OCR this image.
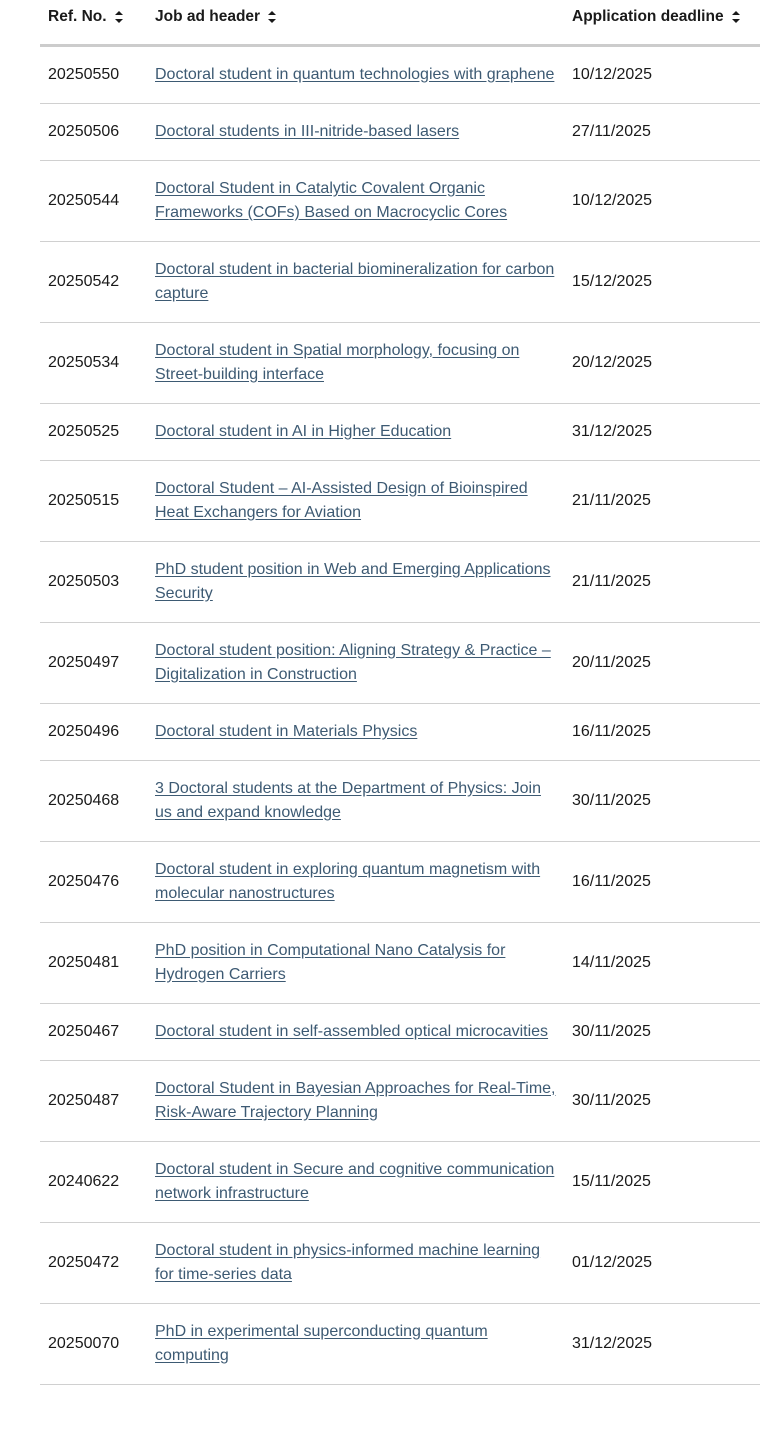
Ref. No.	Job ad header	Application deadline
20250550	Doctoral student in quantum technologies with graphene	10/12/2025
20250506	Doctoral students in III-nitride-based lasers	27/11/2025
20250544	Doctoral Student in Catalytic Covalent Organic Frameworks (COFs) Based on Macrocyclic Cores	10/12/2025
20250542	Doctoral student in bacterial biomineralization for carbon capture	15/12/2025
20250534	Doctoral student in Spatial morphology, focusing on Street-building interface	20/12/2025
20250525	Doctoral student in AI in Higher Education	31/12/2025
20250515	Doctoral Student – AI-Assisted Design of Bioinspired Heat Exchangers for Aviation	21/11/2025
20250503	PhD student position in Web and Emerging Applications Security	21/11/2025
20250497	Doctoral student position: Aligning Strategy & Practice – Digitalization in Construction	20/11/2025
20250496	Doctoral student in Materials Physics	16/11/2025
20250468	3 Doctoral students at the Department of Physics: Join us and expand knowledge	30/11/2025
20250476	Doctoral student in exploring quantum magnetism with molecular nanostructures	16/11/2025
20250481	PhD position in Computational Nano Catalysis for Hydrogen Carriers	14/11/2025
20250467	Doctoral student in self-assembled optical microcavities	30/11/2025
20250487	Doctoral Student in Bayesian Approaches for Real-Time, Risk-Aware Trajectory Planning	30/11/2025
20240622	Doctoral student in Secure and cognitive communication network infrastructure	15/11/2025
20250472	Doctoral student in physics-informed machine learning for time-series data	01/12/2025
20250070	PhD in experimental superconducting quantum computing	31/12/2025
